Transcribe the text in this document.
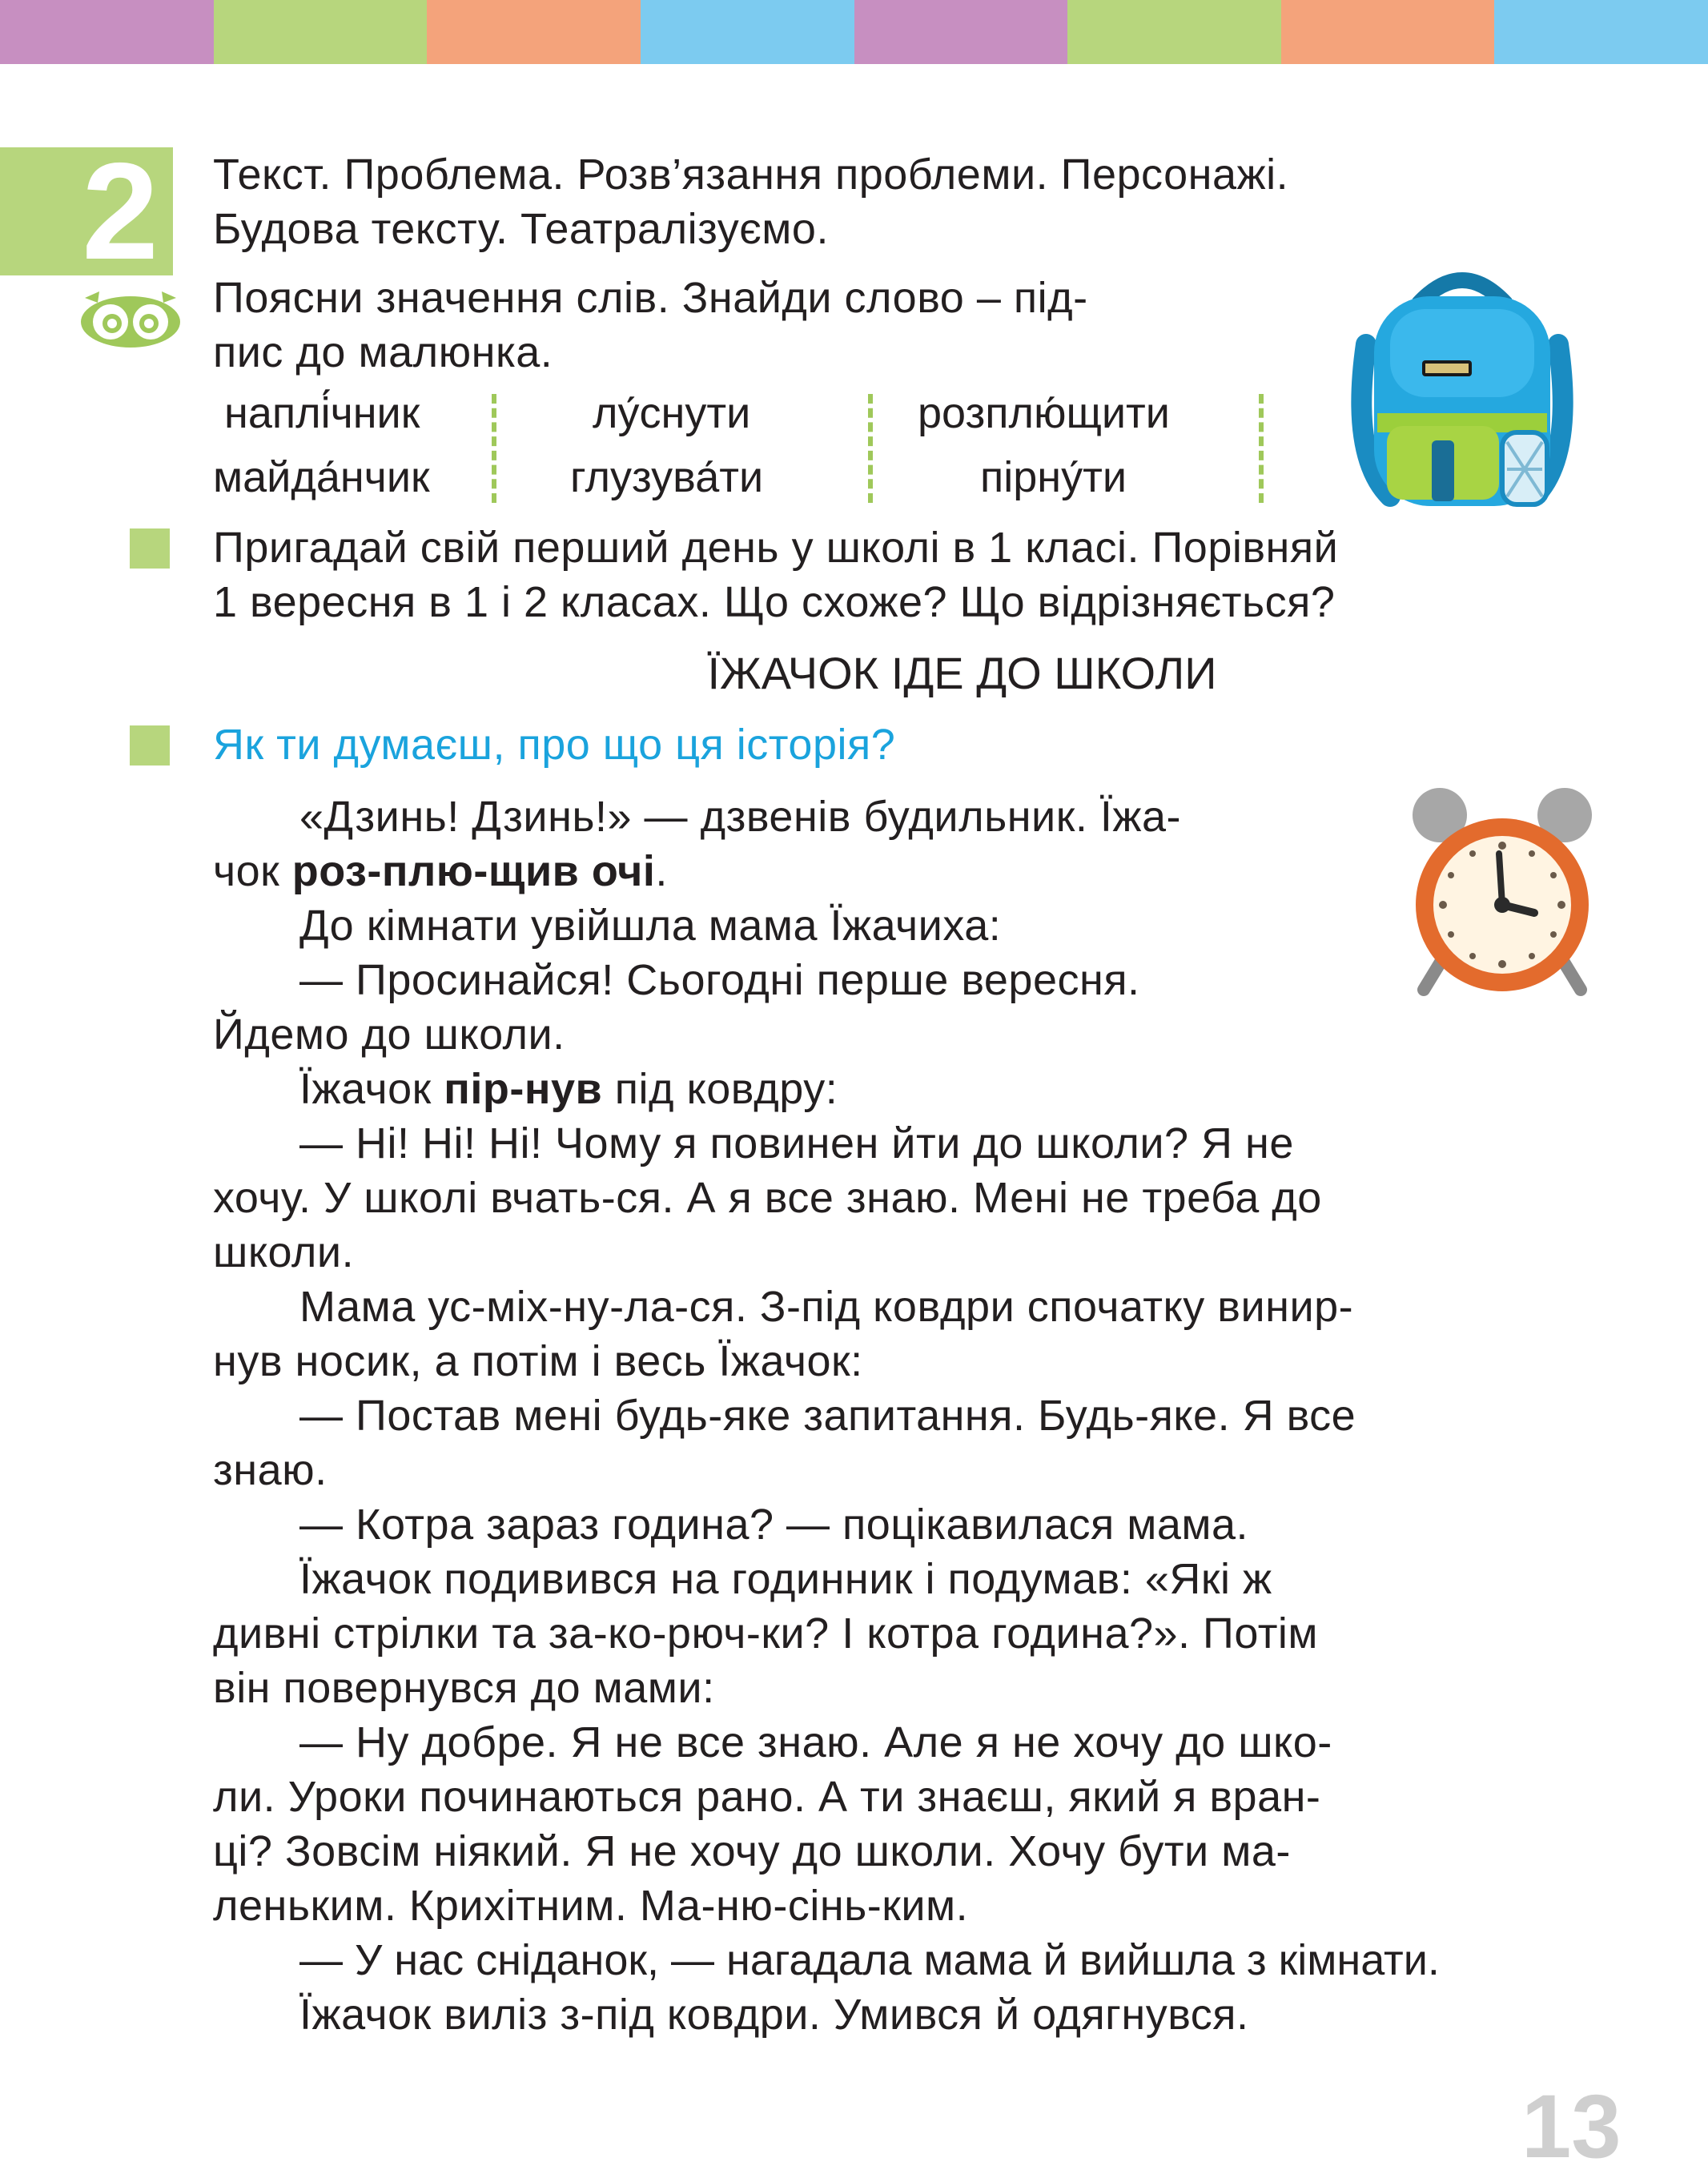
2	Текст. Проблема. Розв’язання проблеми. Персонажі.
Будова тексту. Театралізуємо.
Поясни значення слів. Знайди слово – під-
пис до малюнка.
наплі́чник
майда́нчик
лу́снути
глузува́ти
розплю́щити
пірну́ти
Пригадай свій перший день у школі в 1 класі. Порівняй
1 вересня в 1 і 2 класах. Що схоже? Що відрізняється?
ЇЖАЧОК ІДЕ ДО ШКОЛИ
Як ти думаєш, про що ця історія?
«Дзинь! Дзинь!» — дзвенів будильник. Їжа-
чок роз-плю-щив очі.
До кімнати увійшла мама Їжачиха:
— Просинайся! Сьогодні перше вересня.
Йдемо до школи.
Їжачок пір-нув під ковдру:
— Ні! Ні! Ні! Чому я повинен йти до школи? Я не
хочу. У школі вчать-ся. А я все знаю. Мені не треба до
школи.
Мама ус-міх-ну-ла-ся. З-під ковдри спочатку винир-
нув носик, а потім і весь Їжачок:
— Постав мені будь-яке запитання. Будь-яке. Я все
знаю.
— Котра зараз година? — поцікавилася мама.
Їжачок подивився на годинник і подумав: «Які ж
дивні стрілки та за-ко-рюч-ки? І котра година?». Потім
він повернувся до мами:
— Ну добре. Я не все знаю. Але я не хочу до шко-
ли. Уроки починаються рано. А ти знаєш, який я вран-
ці? Зовсім ніякий. Я не хочу до школи. Хочу бути ма-
леньким. Крихітним. Ма-ню-сінь-ким.
— У нас сніданок, — нагадала мама й вийшла з кімнати.
Їжачок виліз з-під ковдри. Умився й одягнувся.
13
